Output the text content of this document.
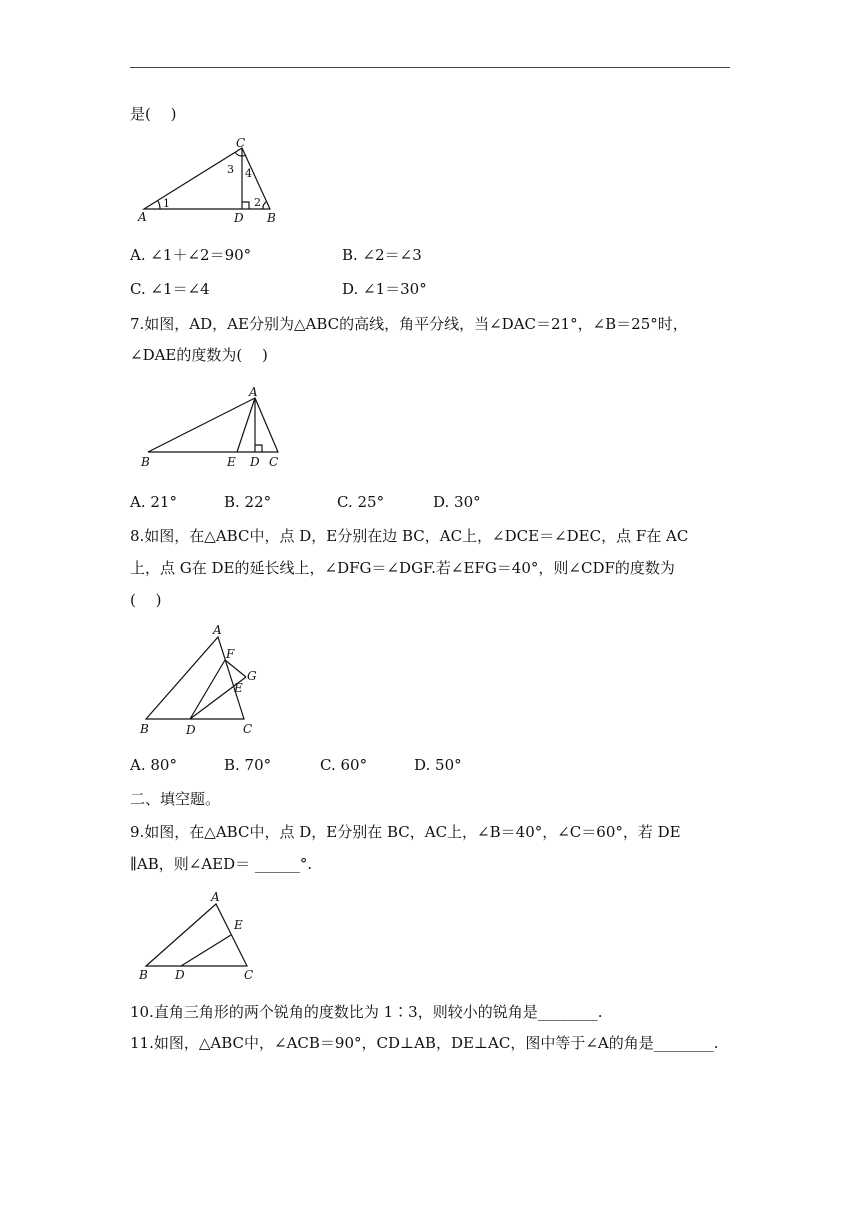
是(　 )
C
A	D B
1	2
3 4
A. ∠1＋∠2＝90°	B. ∠2＝∠3
C. ∠1＝∠4	D. ∠1＝30°
7.如图，AD，AE分别为△ABC的高线，角平分线，当∠DAC＝21°，∠B＝25°时，
∠DAE的度数为(　 )
A
B	E D C
A. 21°	B. 22°	C. 25°	D. 30°
8.如图，在△ABC中，点 D，E分别在边 BC，AC上，∠DCE＝∠DEC，点 F在 AC
上，点 G在 DE的延长线上，∠DFG＝∠DGF.若∠EFG＝40°，则∠CDF的度数为
(　 )
A
F
G
E
B	D	C
A. 80°	B. 70°	C. 60°	D. 50°
二、填空题。
9.如图，在△ABC中，点 D，E分别在 BC，AC上，∠B＝40°，∠C＝60°，若 DE
∥AB，则∠AED＝ ______°.
A
E
B D	C
10.直角三角形的两个锐角的度数比为 1∶3，则较小的锐角是________.
11.如图，△ABC中，∠ACB＝90°，CD⊥AB，DE⊥AC，图中等于∠A的角是________.
